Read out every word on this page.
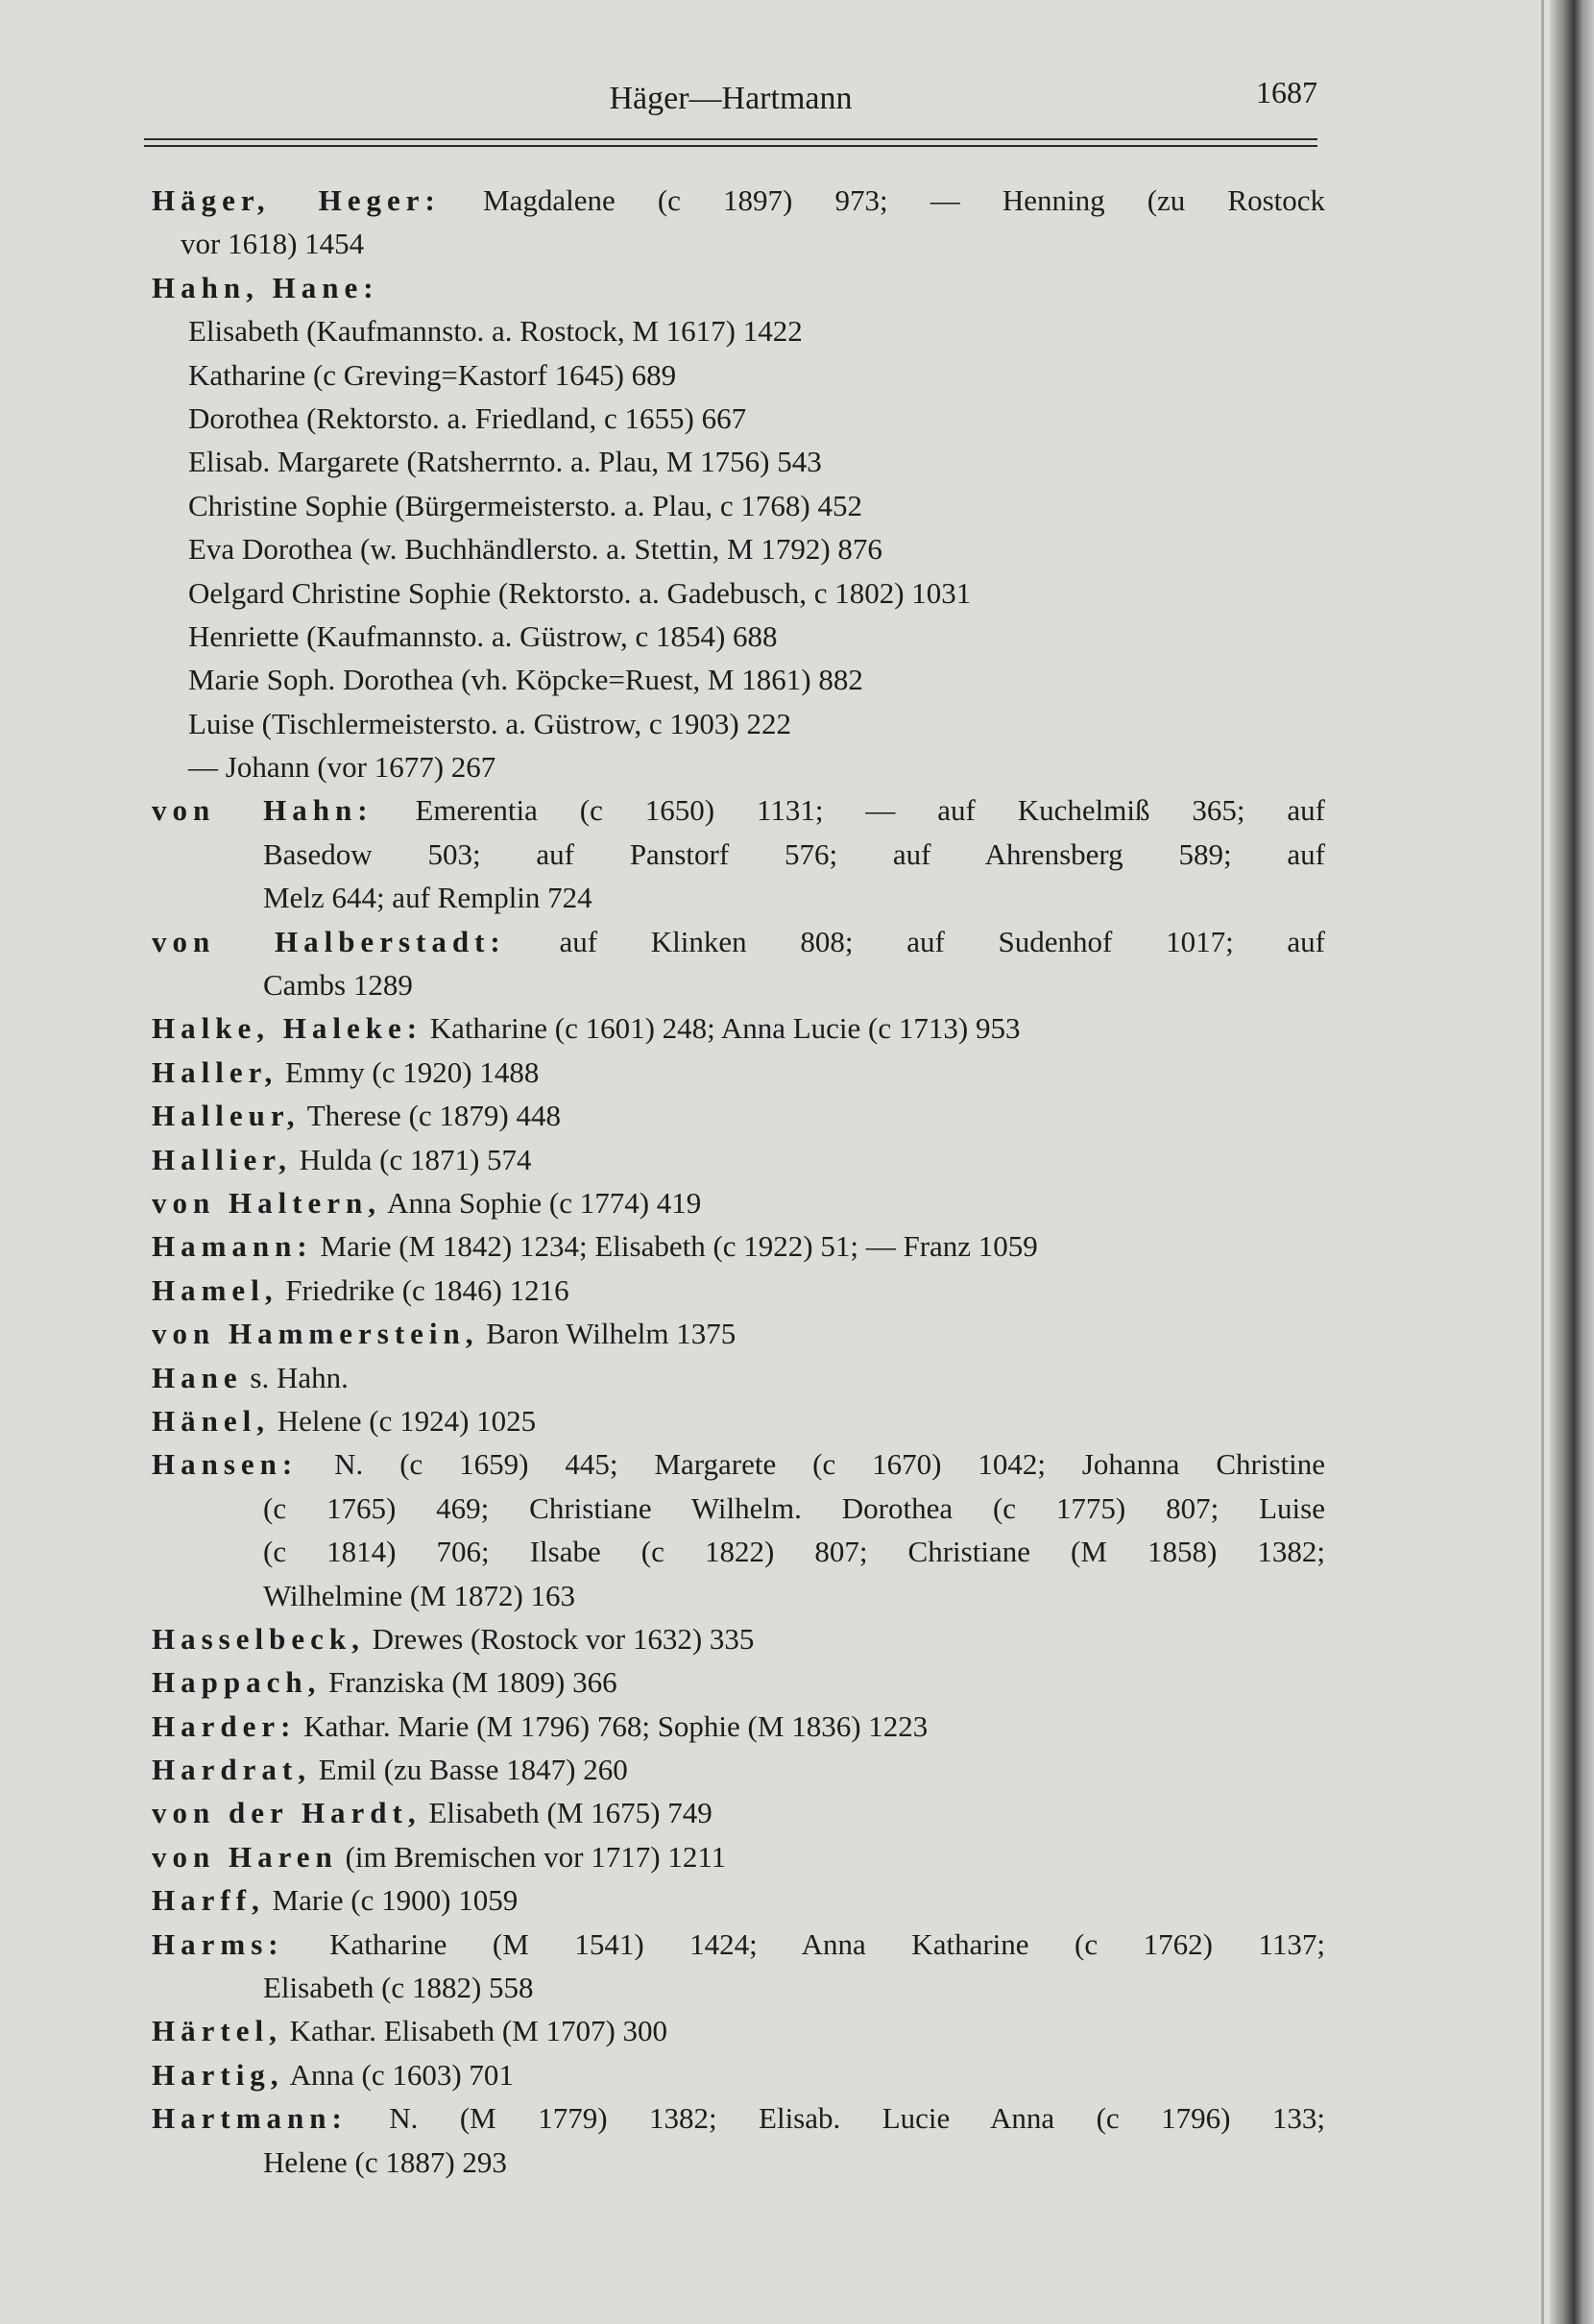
Häger—Hartmann	1687
Häger, Heger: Magdalene (c 1897) 973; — Henning (zu Rostock
vor 1618) 1454
Hahn, Hane:
Elisabeth (Kaufmannsto. a. Rostock, M 1617) 1422
Katharine (c Greving=Kastorf 1645) 689
Dorothea (Rektorsto. a. Friedland, c 1655) 667
Elisab. Margarete (Ratsherrnto. a. Plau, M 1756) 543
Christine Sophie (Bürgermeistersto. a. Plau, c 1768) 452
Eva Dorothea (w. Buchhändlersto. a. Stettin, M 1792) 876
Oelgard Christine Sophie (Rektorsto. a. Gadebusch, c 1802) 1031
Henriette (Kaufmannsto. a. Güstrow, c 1854) 688
Marie Soph. Dorothea (vh. Köpcke=Ruest, M 1861) 882
Luise (Tischlermeistersto. a. Güstrow, c 1903) 222
— Johann (vor 1677) 267
von Hahn: Emerentia (c 1650) 1131; — auf Kuchelmiß 365; auf
Basedow 503; auf Panstorf 576; auf Ahrensberg 589; auf
Melz 644; auf Remplin 724
von Halberstadt: auf Klinken 808; auf Sudenhof 1017; auf
Cambs 1289
Halke, Haleke: Katharine (c 1601) 248; Anna Lucie (c 1713) 953
Haller, Emmy (c 1920) 1488
Halleur, Therese (c 1879) 448
Hallier, Hulda (c 1871) 574
von Haltern, Anna Sophie (c 1774) 419
Hamann: Marie (M 1842) 1234; Elisabeth (c 1922) 51; — Franz 1059
Hamel, Friedrike (c 1846) 1216
von Hammerstein, Baron Wilhelm 1375
Hane s. Hahn.
Hänel, Helene (c 1924) 1025
Hansen: N. (c 1659) 445; Margarete (c 1670) 1042; Johanna Christine
(c 1765) 469; Christiane Wilhelm. Dorothea (c 1775) 807; Luise
(c 1814) 706; Ilsabe (c 1822) 807; Christiane (M 1858) 1382;
Wilhelmine (M 1872) 163
Hasselbeck, Drewes (Rostock vor 1632) 335
Happach, Franziska (M 1809) 366
Harder: Kathar. Marie (M 1796) 768; Sophie (M 1836) 1223
Hardrat, Emil (zu Basse 1847) 260
von der Hardt, Elisabeth (M 1675) 749
von Haren (im Bremischen vor 1717) 1211
Harff, Marie (c 1900) 1059
Harms: Katharine (M 1541) 1424; Anna Katharine (c 1762) 1137;
Elisabeth (c 1882) 558
Härtel, Kathar. Elisabeth (M 1707) 300
Hartig, Anna (c 1603) 701
Hartmann: N. (M 1779) 1382; Elisab. Lucie Anna (c 1796) 133;
Helene (c 1887) 293
